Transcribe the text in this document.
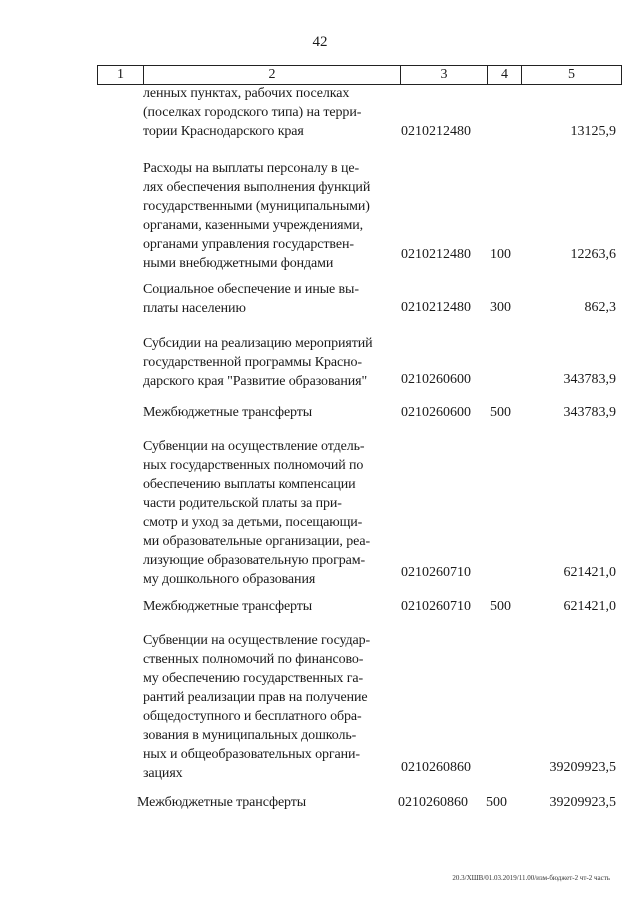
42
1	2	3	4	5
ленных пунктах, рабочих поселках
(поселках городского типа) на терри-
тории Краснодарского края	0210212480	13125,9
Расходы на выплаты персоналу в це-
лях обеспечения выполнения функций
государственными (муниципальными)
органами, казенными учреждениями,
органами управления государствен-
ными внебюджетными фондами
0210212480 100	12263,6
Социальное обеспечение и иные вы-
платы населению	0210212480 300	862,3
Субсидии на реализацию мероприятий
государственной программы Красно-
дарского края "Развитие образования"	0210260600	343783,9
Межбюджетные трансферты	0210260600 500	343783,9
Субвенции на осуществление отдель-
ных государственных полномочий по
обеспечению выплаты компенсации
части родительской платы за при-
смотр и уход за детьми, посещающи-
ми образовательные организации, реа-
лизующие образовательную програм-
му дошкольного образования	0210260710	621421,0
Межбюджетные трансферты	0210260710 500	621421,0
Субвенции на осуществление государ-
ственных полномочий по финансово-
му обеспечению государственных га-
рантий реализации прав на получение
общедоступного и бесплатного обра-
зования в муниципальных дошколь-
ных и общеобразовательных органи-
зациях	0210260860	39209923,5
Межбюджетные трансферты	0210260860 500	39209923,5
20.3/ХШВ/01.03.2019/11.00/изм-бюджет-2 чт-2 часть
